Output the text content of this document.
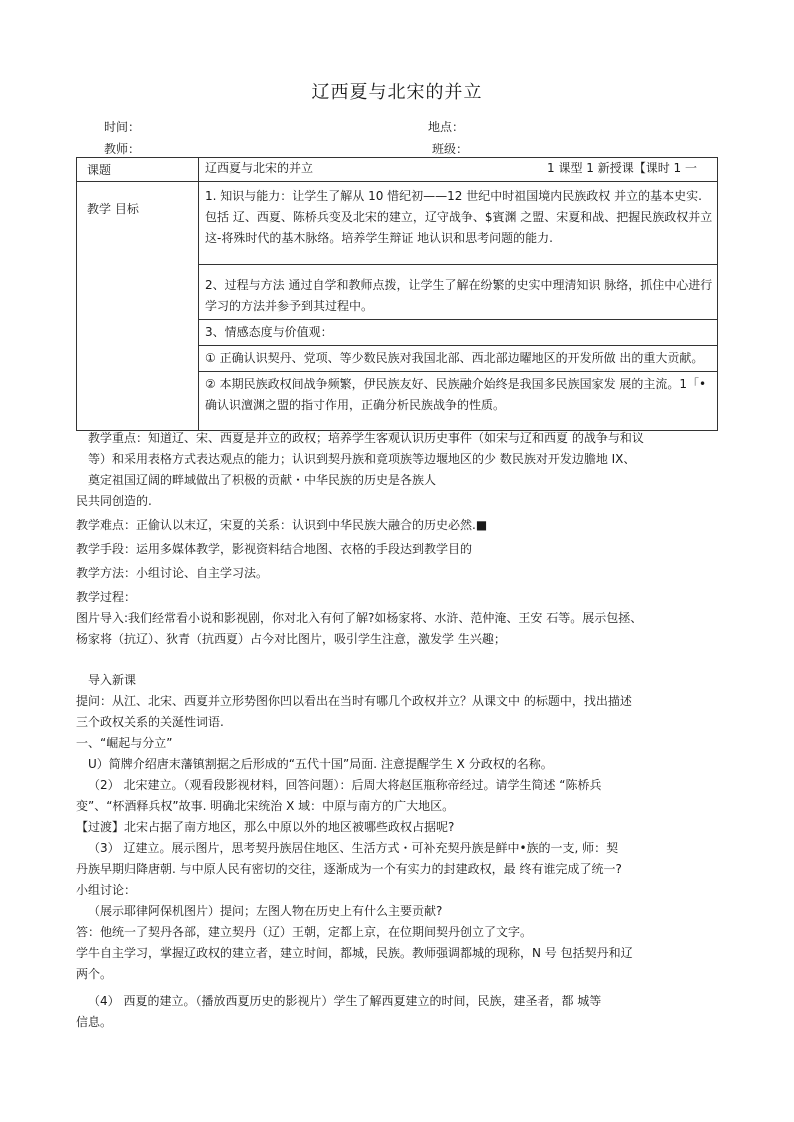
辽西夏与北宋的并立
时间：	地点：
教师：	班级：
课题	辽西夏与北宋的并立 1 课型 1 新授课【课时 1 一

教学 目标	1. 知识与能力：让学生了解从 10 惜纪初——12 世纪中时祖国境内民族政权 并立的基本史实. 包括 辽、西夏、陈桥兵变及北宋的建立，辽守战争、$賓渊 之盟、宋夏和战、把握民族政权并立这-将殊时代的基木脉络。培养学生辩证 地认识和思考问题的能力.

	2、过程与方法 通过自学和教师点拨，让学生了解在纷繁的史实中理清知识 脉络，抓住中心进行学习的方法并参予到其过程中。

	3、情感态度与价值观：
① 正确认识契丹、党项、等少数民族对我国北部、西北部边曜地区的开发所做 出的重大贡献。
② 本期民族政权间战争频繁，伊民族友好、民族融介始终是我国多民族国家发 展的主流。1「•确认识澶渊之盟的指寸作用，正确分析民族战争的性质。

教学重点：知道辽、宋、西夏是并立的政权；培养学生客观认识历史事件（如宋与辽和西夏 的战争与和议

等）和采用表格方式表达观点的能力；认识到契丹族和竟项族等边堰地区的少 数民族对开发边膽地 IX、

奠定祖国辽阔的畔域做出了枳极的贡献・中华民族的历史是各族人

民共同创造的.

教学难点：正偷认以末辽，宋夏的关系：认识到中华民族大融合的历史必然.■

教学手段：运用多媒体教学，影视资料结合地图、衣格的手段达到教学目的

教学方法：小组讨论、自主学习法。

教学过程：

图片导入:我们经常看小说和影视剧，你对北入有何了解?如杨家将、水浒、范仲淹、王安 石等。展示包拯、

杨家将（抗辽）、狄青（抗西夏）占今对比图片，吸引学生注意，激发学 生兴趣；

导入新课

提问：从江、北宋、西夏并立形势图你凹以看出在当时有哪几个政权并立？从课文中 的标题中，找出描述

三个政权关系的关涎性词语.

一、“崛起与分立”

U）简牌介绍唐末藩镇割据之后形成的“五代十国”局面. 注意提醒学生 X 分政权的名称。

（2） 北宋建立。（观看段影视材料，回答问题）：后周大将赵匡瓶称帝经过。请学生简述 “陈桥兵

变”、“杯酒释兵权”故事. 明确北宋统治 X 域：中原与南方的广大地区。

【过渡】北宋占据了南方地区，那么中原以外的地区被哪些政权占据呢?

（3） 辽建立。展示图片，思考契丹族居住地区、生活方式・可补充契丹族是鲜中•族的一支, 师：契

丹族早期归降唐朝. 与中原人民有密切的交往，逐渐成为一个有实力的封建政权，最 终有谁完成了统一?

小组讨论：

（展示耶律阿保机图片）提问；左图人物在历史上有什么主要贡献?

答：他统一了契丹各部，建立契丹（辽）王朝，定都上京，在位期间契丹创立了文字。

学牛自主学习，掌握辽政权的建立者，建立时间，都城，民族。教师强调都城的现称，N 号 包括契丹和辽

两个。

（4） 西夏的建立。（播放西夏历史的影视片）学生了解西夏建立的时间，民族，建圣者，都 城等

信息。
